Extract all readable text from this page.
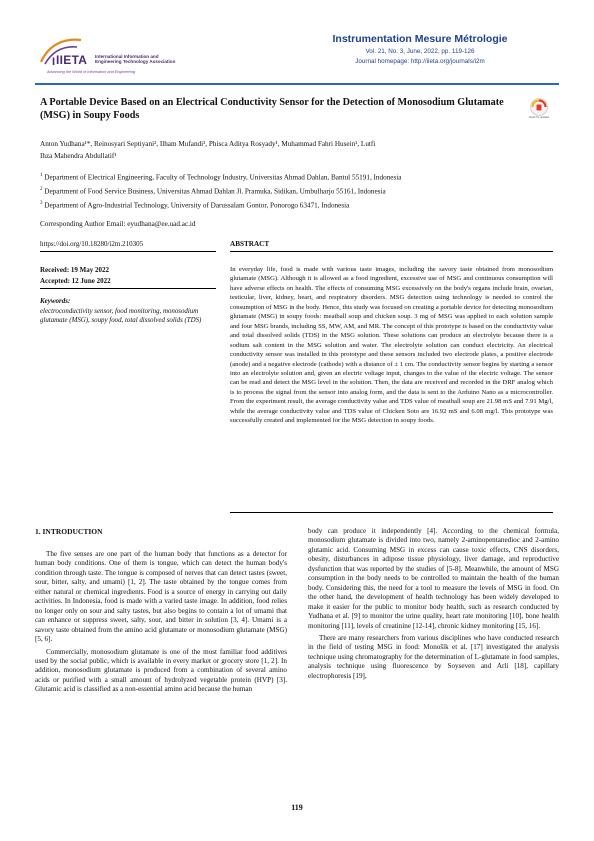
I IIETA International Information and
Engineering Technology Association
Advancing the World of Information and Engineering
Instrumentation Mesure Métrologie
Vol. 21, No. 3, June, 2022, pp. 119-126
Journal homepage: http://iieta.org/journals/i2m
A Portable Device Based on an Electrical Conductivity Sensor for the Detection of Monosodium Glutamate (MSG) in Soupy Foods	check for updates
Anton Yudhana¹*, Reinosyari Septiyani², Ilham Mufandi³, Phisca Aditya Rosyady¹, Muhammad Fahri Husein¹, Lutfi
Ihza Mahendra Abdullatif¹
$^1$ Department of Electrical Engineering, Faculty of Technology Industry, Universitas Ahmad Dahlan, Bantul 55191, Indonesia
$^2$ Department of Food Service Business, Universitas Ahmad Dahlan Jl. Pramuka, Sidikan, Umbulharjo 55161, Indonesia
$^3$ Department of Agro-Industrial Technology, University of Darussalam Gontor, Ponorogo 63471, Indonesia
Corresponding Author Email: eyudhana@ee.uad.ac.id
https://doi.org/10.18280/i2m.210305
Received: 19 May 2022
Accepted: 12 June 2022
Keywords:
electroconductivity sensor, food monitoring, monosodium glutamate (MSG), soupy food, total dissolved solids (TDS)
ABSTRACT
In everyday life, food is made with various taste images, including the savory taste obtained from monosodium glutamate (MSG). Although it is allowed as a food ingredient, excessive use of MSG and continuous consumption will have adverse effects on health. The effects of consuming MSG excessively on the body's organs include brain, ovarian, testicular, liver, kidney, heart, and respiratory disorders. MSG detection using technology is needed to control the consumption of MSG in the body. Hence, this study was focused on creating a portable device for detecting monosodium glutamate (MSG) in soupy foods: meatball soup and chicken soup. 3 mg of MSG was applied to each solution sample and four MSG brands, including SS, MW, AM, and MR. The concept of this prototype is based on the conductivity value and total dissolved solids (TDS) in the MSG solution. These solutions can produce an electrolyte because there is a sodium salt content in the MSG solution and water. The electrolyte solution can conduct electricity. An electrical conductivity sensor was installed in this prototype and these sensors included two electrode plates, a positive electrode (anode) and a negative electrode (cathode) with a distance of ± 1 cm. The conductivity sensor begins by starting a sensor into an electrolyte solution and, given an electric voltage input, changes to the value of the electric voltage. The sensor can be read and detect the MSG level in the solution. Then, the data are received and recorded in the DRF analog which is to process the signal from the sensor into analog form, and the data is sent to the Arduino Nano as a microcontroller. From the experiment result, the average conductivity value and TDS value of meatball soup are 21.98 mS and 7.91 Mg/l, while the average conductivity value and TDS value of Chicken Soto are 16.92 mS and 6.08 mg/l. This prototype was successfully created and implemented for the MSG detection in soupy foods.
1. INTRODUCTION

The five senses are one part of the human body that functions as a detector for human body conditions. One of them is tongue, which can detect the human body's condition through taste. The tongue is composed of nerves that can detect tastes (sweet, sour, bitter, salty, and umami) [1, 2]. The taste obtained by the tongue comes from either natural or chemical ingredients. Food is a source of energy in carrying out daily activities. In Indonesia, food is made with a varied taste image. In addition, food relies no longer only on sour and salty tastes, but also begins to contain a lot of umami that can enhance or suppress sweet, salty, sour, and bitter in solution [3, 4]. Umami is a savory taste obtained from the amino acid glutamate or monosodium glutamate (MSG) [5, 6].

Commercially, monosodium glutamate is one of the most familiar food additives used by the social public, which is available in every market or grocery store [1, 2]. In addition, monosodium glutamate is produced from a combination of several amino acids or purified with a small amount of hydrolyzed vegetable protein (HVP) [3]. Glutamic acid is classified as a non-essential amino acid because the human

body can produce it independently [4]. According to the chemical formula, monosodium glutamate is divided into two, namely 2-aminopentanedioc and 2-amino glutamic acid. Consuming MSG in excess can cause toxic effects, CNS disorders, obesity, disturbances in adipose tissue physiology, liver damage, and reproductive dysfunction that was reported by the studies of [5-8]. Meanwhile, the amount of MSG consumption in the body needs to be controlled to maintain the health of the human body. Considering this, the need for a tool to measure the levels of MSG in food. On the other hand, the development of health technology has been widely developed to make it easier for the public to monitor body health, such as research conducted by Yudhana et al. [9] to monitor the urine quality, heart rate monitoring [10], bone health monitoring [11], levels of creatinine [12-14], chronic kidney monitoring [15, 16].

There are many researchers from various disciplines who have conducted research in the field of testing MSG in food: Monošík et al. [17] investigated the analysis technique using chromatography for the determination of L-glutamate in food samples, analysis technique using fluorescence by Soyseven and Arli [18], capillary electrophoresis [19],

119
